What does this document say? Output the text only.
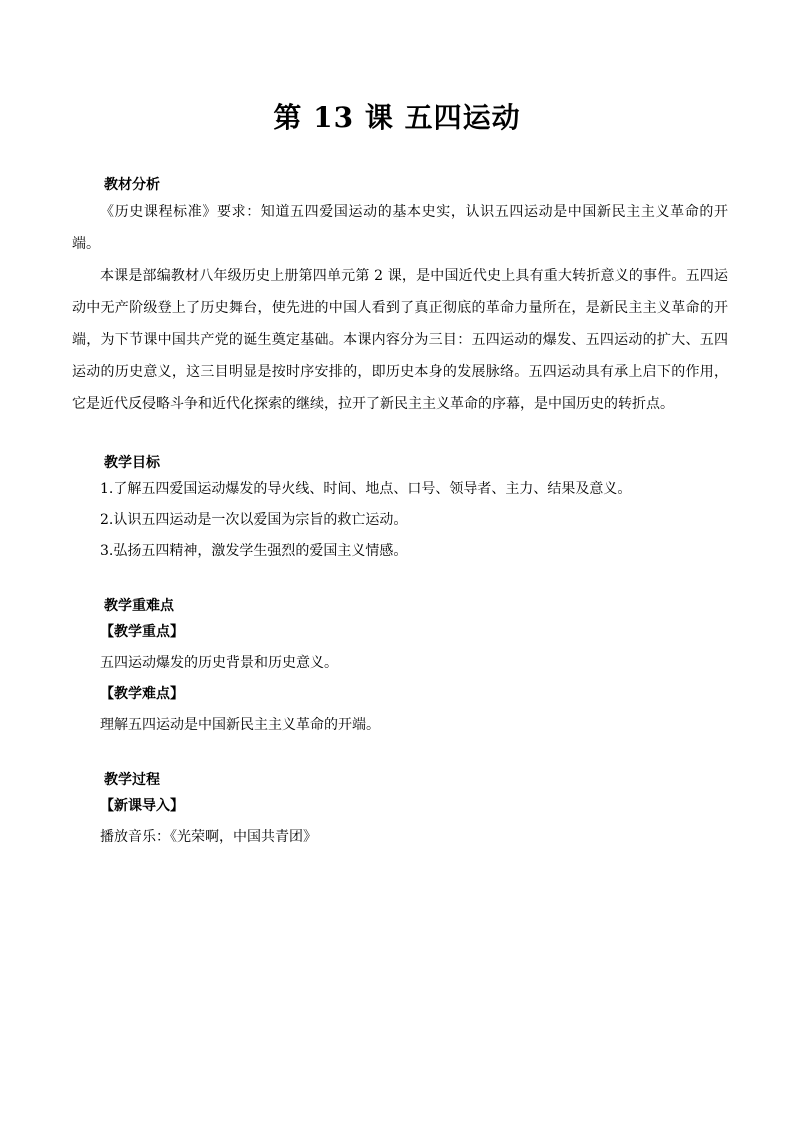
第 13 课 五四运动

教材分析

《历史课程标准》要求：知道五四爱国运动的基本史实，认识五四运动是中国新民主主义革命的开端。

本课是部编教材八年级历史上册第四单元第 2 课，是中国近代史上具有重大转折意义的事件。五四运动中无产阶级登上了历史舞台，使先进的中国人看到了真正彻底的革命力量所在，是新民主主义革命的开端，为下节课中国共产党的诞生奠定基础。本课内容分为三目：五四运动的爆发、五四运动的扩大、五四运动的历史意义，这三目明显是按时序安排的，即历史本身的发展脉络。五四运动具有承上启下的作用，它是近代反侵略斗争和近代化探索的继续，拉开了新民主主义革命的序幕，是中国历史的转折点。

教学目标

1.了解五四爱国运动爆发的导火线、时间、地点、口号、领导者、主力、结果及意义。

2.认识五四运动是一次以爱国为宗旨的救亡运动。

3.弘扬五四精神，激发学生强烈的爱国主义情感。

教学重难点

【教学重点】

五四运动爆发的历史背景和历史意义。

【教学难点】

理解五四运动是中国新民主主义革命的开端。

教学过程

【新课导入】

播放音乐：《光荣啊，中国共青团》
